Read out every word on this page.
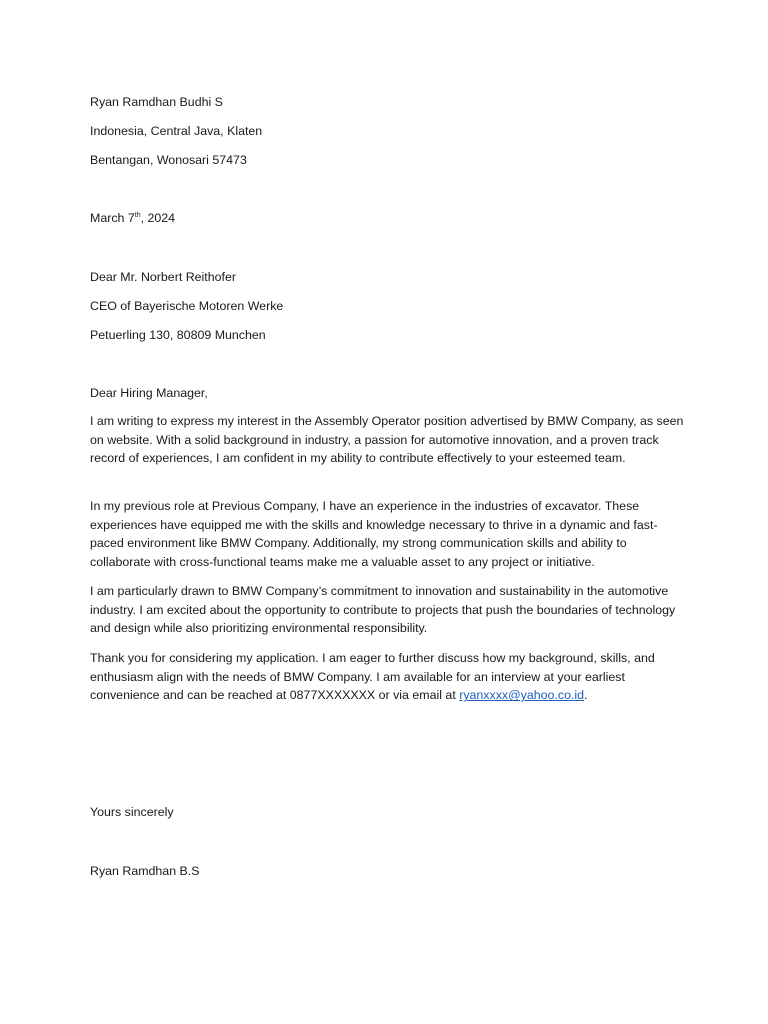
Ryan Ramdhan Budhi S
Indonesia, Central Java, Klaten
Bentangan, Wonosari 57473
March 7th, 2024
Dear Mr. Norbert Reithofer
CEO of Bayerische Motoren Werke
Petuerling 130, 80809 Munchen
Dear Hiring Manager,
I am writing to express my interest in the Assembly Operator position advertised by BMW Company, as seen on website. With a solid background in industry, a passion for automotive innovation, and a proven track record of experiences, I am confident in my ability to contribute effectively to your esteemed team.
In my previous role at Previous Company, I have an experience in the industries of excavator. These experiences have equipped me with the skills and knowledge necessary to thrive in a dynamic and fast-paced environment like BMW Company. Additionally, my strong communication skills and ability to collaborate with cross-functional teams make me a valuable asset to any project or initiative.
I am particularly drawn to BMW Company’s commitment to innovation and sustainability in the automotive industry. I am excited about the opportunity to contribute to projects that push the boundaries of technology and design while also prioritizing environmental responsibility.
Thank you for considering my application. I am eager to further discuss how my background, skills, and enthusiasm align with the needs of BMW Company. I am available for an interview at your earliest convenience and can be reached at 0877XXXXXXX or via email at ryanxxxx@yahoo.co.id.
Yours sincerely
Ryan Ramdhan B.S
